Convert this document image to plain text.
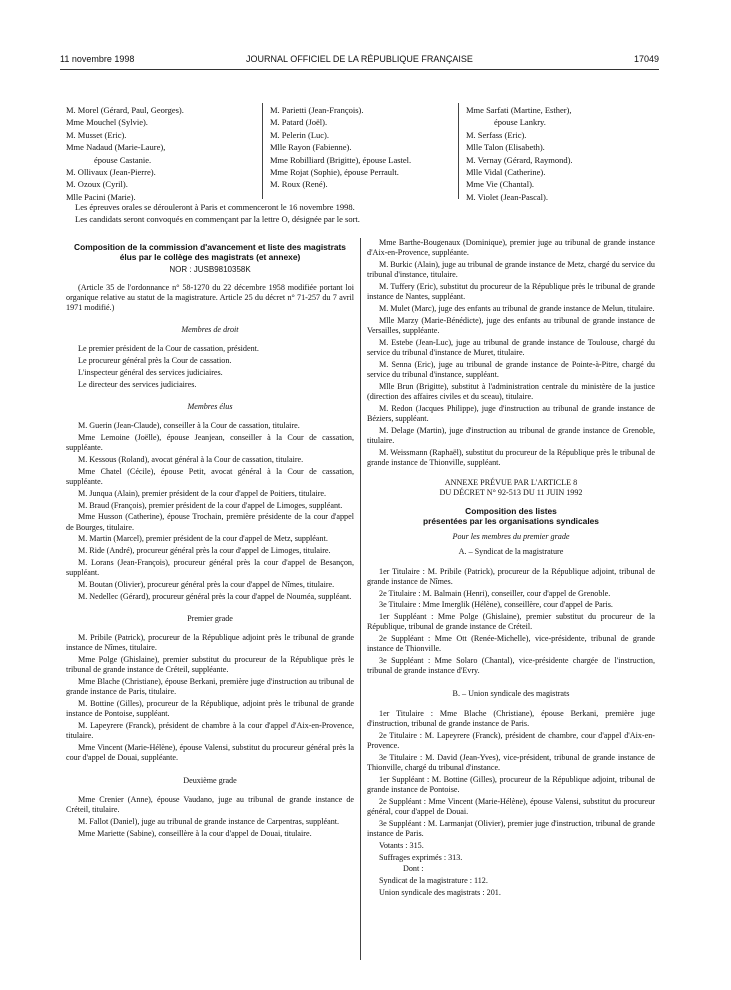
11 novembre 1998	JOURNAL OFFICIEL DE LA RÉPUBLIQUE FRANÇAISE	17049
M. Morel (Gérard, Paul, Georges).
Mme Mouchel (Sylvie).
M. Musset (Eric).
Mme Nadaud (Marie-Laure),
épouse Castanie.
M. Ollivaux (Jean-Pierre).
M. Ozoux (Cyril).
Mlle Pacini (Marie).
M. Parietti (Jean-François).
M. Patard (Joël).
M. Pelerin (Luc).
Mlle Rayon (Fabienne).
Mme Robilliard (Brigitte), épouse Lastel.
Mme Rojat (Sophie), épouse Perrault.
M. Roux (René).
Mme Sarfati (Martine, Esther),
épouse Lankry.
M. Serfass (Eric).
Mlle Talon (Elisabeth).
M. Vernay (Gérard, Raymond).
Mlle Vidal (Catherine).
Mme Vie (Chantal).
M. Violet (Jean-Pascal).
Les épreuves orales se dérouleront à Paris et commenceront le 16 novembre 1998.
Les candidats seront convoqués en commençant par la lettre O, désignée par le sort.
Composition de la commission d'avancement et liste des magistrats élus par le collège des magistrats (et annexe)
NOR : JUSB9810358K

(Article 35 de l'ordonnance n° 58-1270 du 22 décembre 1958 modifiée portant loi organique relative au statut de la magistrature. Article 25 du décret n° 71-257 du 7 avril 1971 modifié.)

Membres de droit

Le premier président de la Cour de cassation, président.

Le procureur général près la Cour de cassation.

L'inspecteur général des services judiciaires.

Le directeur des services judiciaires.

Membres élus

M. Guerin (Jean-Claude), conseiller à la Cour de cassation, titulaire.

Mme Lemoine (Joëlle), épouse Jeanjean, conseiller à la Cour de cassation, suppléante.

M. Kessous (Roland), avocat général à la Cour de cassation, titulaire.

Mme Chatel (Cécile), épouse Petit, avocat général à la Cour de cassation, suppléante.

M. Junqua (Alain), premier président de la cour d'appel de Poitiers, titulaire.

M. Braud (François), premier président de la cour d'appel de Limoges, suppléant.

Mme Husson (Catherine), épouse Trochain, première présidente de la cour d'appel de Bourges, titulaire.

M. Martin (Marcel), premier président de la cour d'appel de Metz, suppléant.

M. Ride (André), procureur général près la cour d'appel de Limoges, titulaire.

M. Lorans (Jean-François), procureur général près la cour d'appel de Besançon, suppléant.

M. Boutan (Olivier), procureur général près la cour d'appel de Nîmes, titulaire.

M. Nedellec (Gérard), procureur général près la cour d'appel de Nouméa, suppléant.

Premier grade

M. Pribile (Patrick), procureur de la République adjoint près le tribunal de grande instance de Nîmes, titulaire.

Mme Polge (Ghislaine), premier substitut du procureur de la République près le tribunal de grande instance de Créteil, suppléante.

Mme Blache (Christiane), épouse Berkani, première juge d'instruction au tribunal de grande instance de Paris, titulaire.

M. Bottine (Gilles), procureur de la République, adjoint près le tribunal de grande instance de Pontoise, suppléant.

M. Lapeyrere (Franck), président de chambre à la cour d'appel d'Aix-en-Provence, titulaire.

Mme Vincent (Marie-Hélène), épouse Valensi, substitut du procureur général près la cour d'appel de Douai, suppléante.

Deuxième grade

Mme Crenier (Anne), épouse Vaudano, juge au tribunal de grande instance de Créteil, titulaire.

M. Fallot (Daniel), juge au tribunal de grande instance de Carpentras, suppléant.

Mme Mariette (Sabine), conseillère à la cour d'appel de Douai, titulaire.

Mme Barthe-Bougenaux (Dominique), premier juge au tribunal de grande instance d'Aix-en-Provence, suppléante.

M. Burkic (Alain), juge au tribunal de grande instance de Metz, chargé du service du tribunal d'instance, titulaire.

M. Tuffery (Eric), substitut du procureur de la République près le tribunal de grande instance de Nantes, suppléant.

M. Mulet (Marc), juge des enfants au tribunal de grande instance de Melun, titulaire.

Mlle Marzy (Marie-Bénédicte), juge des enfants au tribunal de grande instance de Versailles, suppléante.

M. Estebe (Jean-Luc), juge au tribunal de grande instance de Toulouse, chargé du service du tribunal d'instance de Muret, titulaire.

M. Senna (Eric), juge au tribunal de grande instance de Pointe-à-Pitre, chargé du service du tribunal d'instance, suppléant.

Mlle Brun (Brigitte), substitut à l'administration centrale du ministère de la justice (direction des affaires civiles et du sceau), titulaire.

M. Redon (Jacques Philippe), juge d'instruction au tribunal de grande instance de Béziers, suppléant.

M. Delage (Martin), juge d'instruction au tribunal de grande instance de Grenoble, titulaire.

M. Weissmann (Raphaël), substitut du procureur de la République près le tribunal de grande instance de Thionville, suppléant.

ANNEXE PRÉVUE PAR L'ARTICLE 8
DU DÉCRET N° 92-513 DU 11 JUIN 1992
Composition des listes
présentées par les organisations syndicales
Pour les membres du premier grade
A. – Syndicat de la magistrature

1er Titulaire : M. Pribile (Patrick), procureur de la République adjoint, tribunal de grande instance de Nîmes.

2e Titulaire : M. Balmain (Henri), conseiller, cour d'appel de Grenoble.

3e Titulaire : Mme Imerglik (Hélène), conseillère, cour d'appel de Paris.

1er Suppléant : Mme Polge (Ghislaine), premier substitut du procureur de la République, tribunal de grande instance de Créteil.

2e Suppléant : Mme Ott (Renée-Michelle), vice-présidente, tribunal de grande instance de Thionville.

3e Suppléant : Mme Solaro (Chantal), vice-présidente chargée de l'instruction, tribunal de grande instance d'Evry.

B. – Union syndicale des magistrats

1er Titulaire : Mme Blache (Christiane), épouse Berkani, première juge d'instruction, tribunal de grande instance de Paris.

2e Titulaire : M. Lapeyrere (Franck), président de chambre, cour d'appel d'Aix-en-Provence.

3e Titulaire : M. David (Jean-Yves), vice-président, tribunal de grande instance de Thionville, chargé du tribunal d'instance.

1er Suppléant : M. Bottine (Gilles), procureur de la République adjoint, tribunal de grande instance de Pontoise.

2e Suppléant : Mme Vincent (Marie-Hélène), épouse Valensi, substitut du procureur général, cour d'appel de Douai.

3e Suppléant : M. Larmanjat (Olivier), premier juge d'instruction, tribunal de grande instance de Paris.

Votants : 315.

Suffrages exprimés : 313.

Dont :

Syndicat de la magistrature : 112.

Union syndicale des magistrats : 201.
